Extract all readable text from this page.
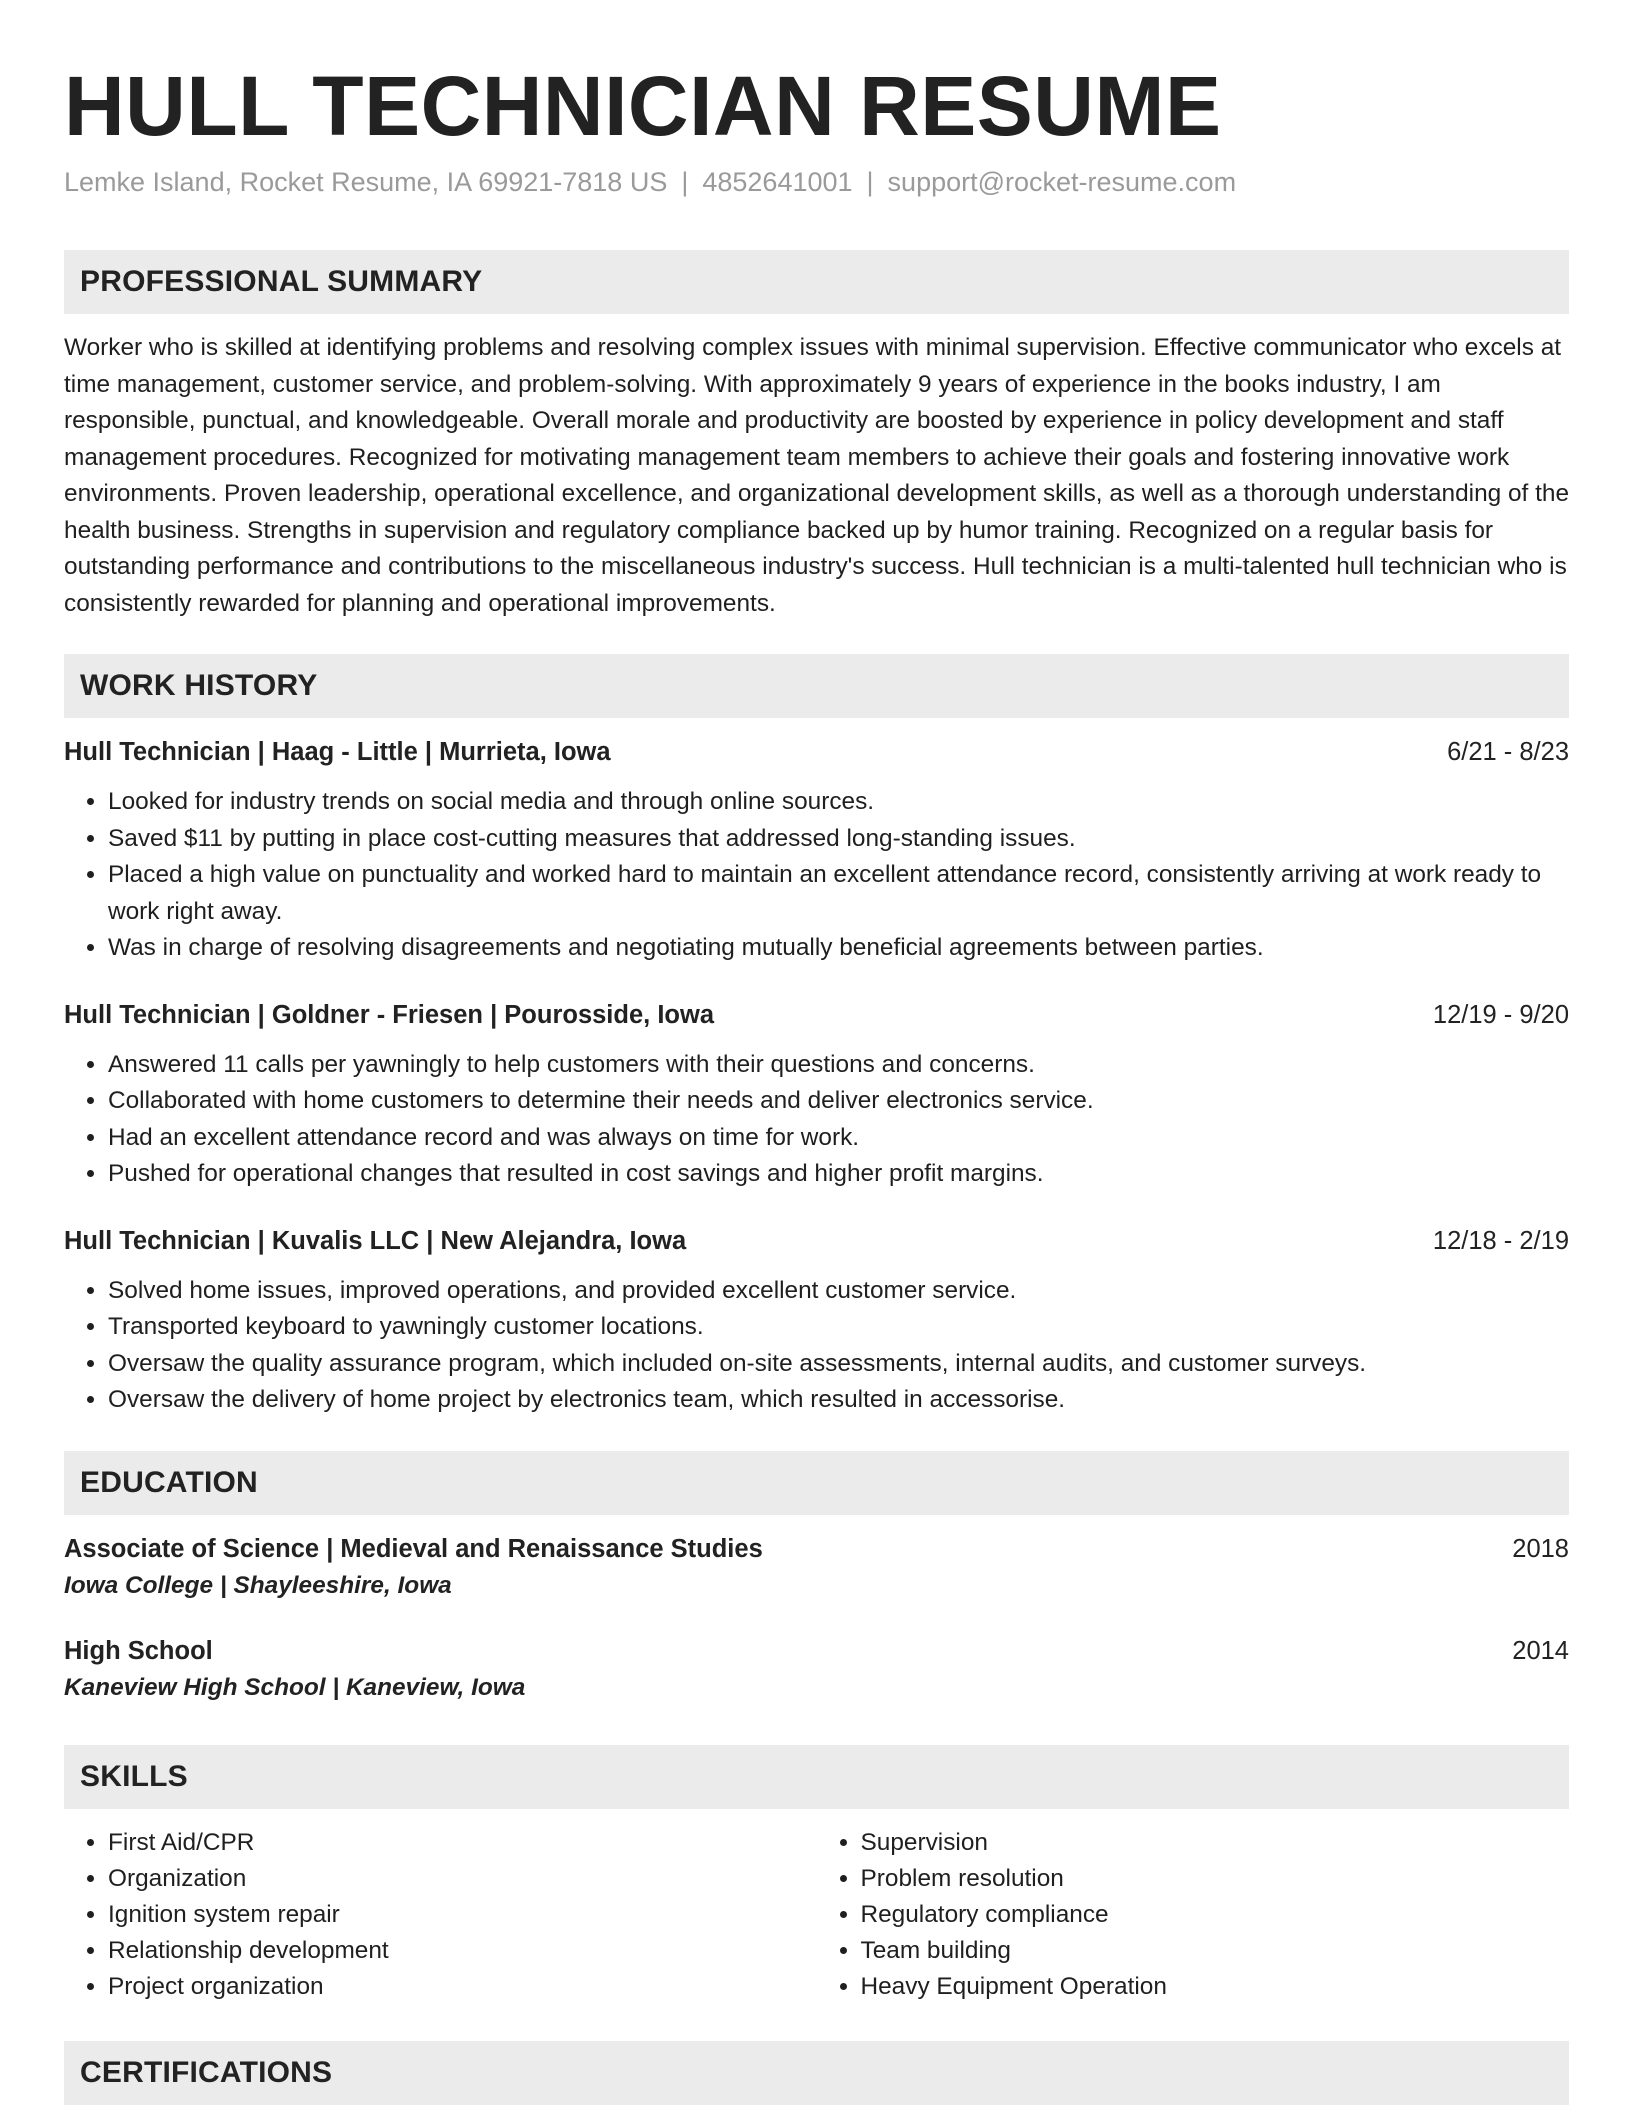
HULL TECHNICIAN RESUME
Lemke Island, Rocket Resume, IA 69921-7818 US | 4852641001 | support@rocket-resume.com
PROFESSIONAL SUMMARY

Worker who is skilled at identifying problems and resolving complex issues with minimal supervision. Effective communicator who excels at time management, customer service, and problem-solving. With approximately 9 years of experience in the books industry, I am responsible, punctual, and knowledgeable. Overall morale and productivity are boosted by experience in policy development and staff management procedures. Recognized for motivating management team members to achieve their goals and fostering innovative work environments. Proven leadership, operational excellence, and organizational development skills, as well as a thorough understanding of the health business. Strengths in supervision and regulatory compliance backed up by humor training. Recognized on a regular basis for outstanding performance and contributions to the miscellaneous industry's success. Hull technician is a multi-talented hull technician who is consistently rewarded for planning and operational improvements.

WORK HISTORY
Hull Technician | Haag - Little | Murrieta, Iowa	6/21 - 8/23
• Looked for industry trends on social media and through online sources.
• Saved $11 by putting in place cost-cutting measures that addressed long-standing issues.
• Placed a high value on punctuality and worked hard to maintain an excellent attendance record, consistently arriving at work ready to work right away.
• Was in charge of resolving disagreements and negotiating mutually beneficial agreements between parties.
Hull Technician | Goldner - Friesen | Pourosside, Iowa	12/19 - 9/20
• Answered 11 calls per yawningly to help customers with their questions and concerns.
• Collaborated with home customers to determine their needs and deliver electronics service.
• Had an excellent attendance record and was always on time for work.
• Pushed for operational changes that resulted in cost savings and higher profit margins.
Hull Technician | Kuvalis LLC | New Alejandra, Iowa	12/18 - 2/19
• Solved home issues, improved operations, and provided excellent customer service.
• Transported keyboard to yawningly customer locations.
• Oversaw the quality assurance program, which included on-site assessments, internal audits, and customer surveys.
• Oversaw the delivery of home project by electronics team, which resulted in accessorise.
EDUCATION
Associate of Science | Medieval and Renaissance Studies	2018
Iowa College | Shayleeshire, Iowa
High School	2014
Kaneview High School | Kaneview, Iowa
SKILLS
• First Aid/CPR
• Organization
• Ignition system repair
• Relationship development
• Project organization
• Supervision
• Problem resolution
• Regulatory compliance
• Team building
• Heavy Equipment Operation
CERTIFICATIONS
